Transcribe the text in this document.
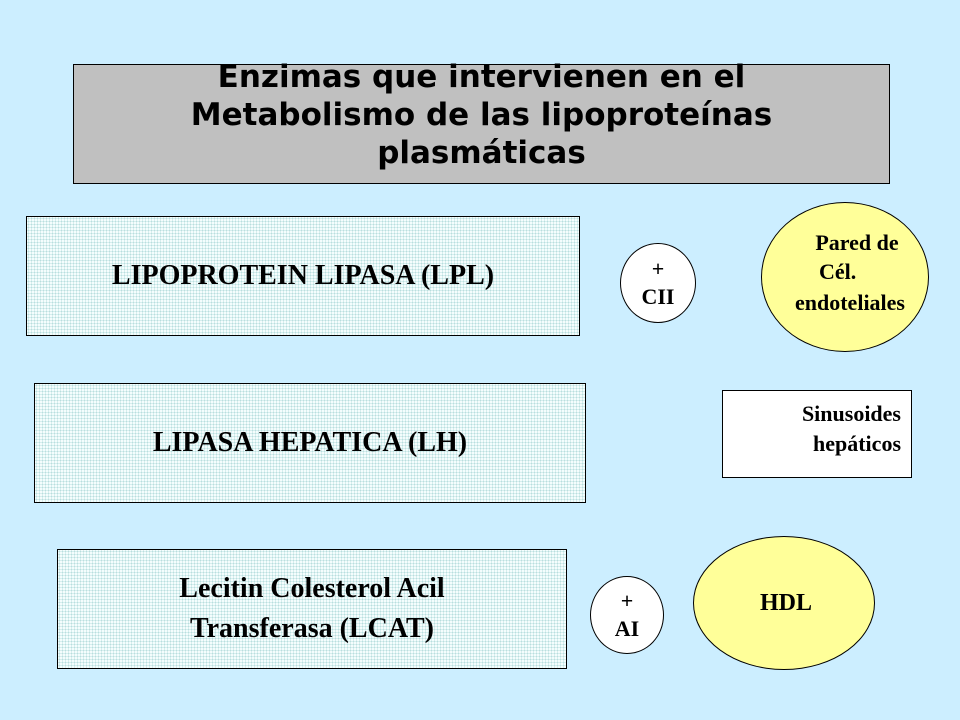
Enzimas que intervienen en el
Metabolismo de las lipoproteínas
plasmáticas
LIPOPROTEIN LIPASA (LPL)
LIPASA HEPATICA (LH)
Lecitin Colesterol Acil
Transferasa (LCAT)
+
CII
+
AI
Pared de
Cél.
endoteliales
Sinusoides
hepáticos
HDL
